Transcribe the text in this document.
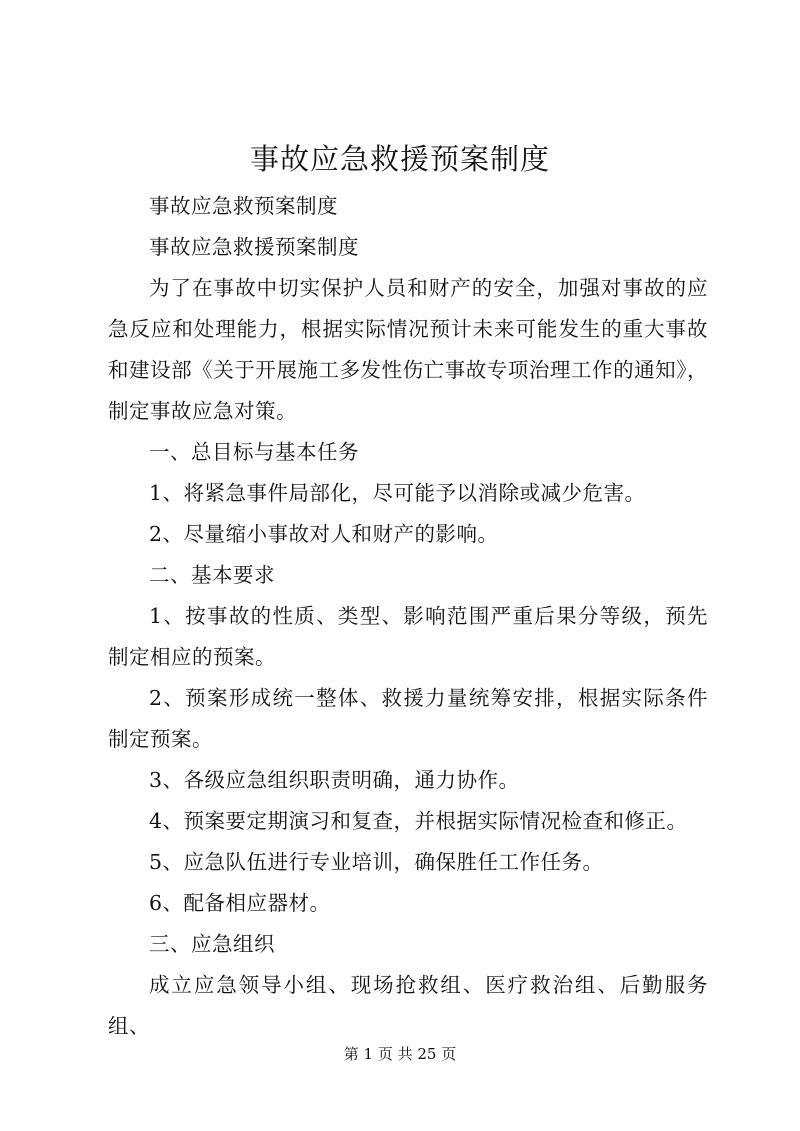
事故应急救援预案制度

事故应急救预案制度

事故应急救援预案制度

为了在事故中切实保护人员和财产的安全，加强对事故的应急反应和处理能力，根据实际情况预计未来可能发生的重大事故和建设部《关于开展施工多发性伤亡事故专项治理工作的通知》，制定事故应急对策。

一、总目标与基本任务

1、将紧急事件局部化，尽可能予以消除或减少危害。

2、尽量缩小事故对人和财产的影响。

二、基本要求

1、按事故的性质、类型、影响范围严重后果分等级，预先制定相应的预案。

2、预案形成统一整体、救援力量统筹安排，根据实际条件制定预案。

3、各级应急组织职责明确，通力协作。

4、预案要定期演习和复查，并根据实际情况检查和修正。

5、应急队伍进行专业培训，确保胜任工作任务。

6、配备相应器材。

三、应急组织

成立应急领导小组、现场抢救组、医疗救治组、后勤服务组、

第 1 页 共 25 页
